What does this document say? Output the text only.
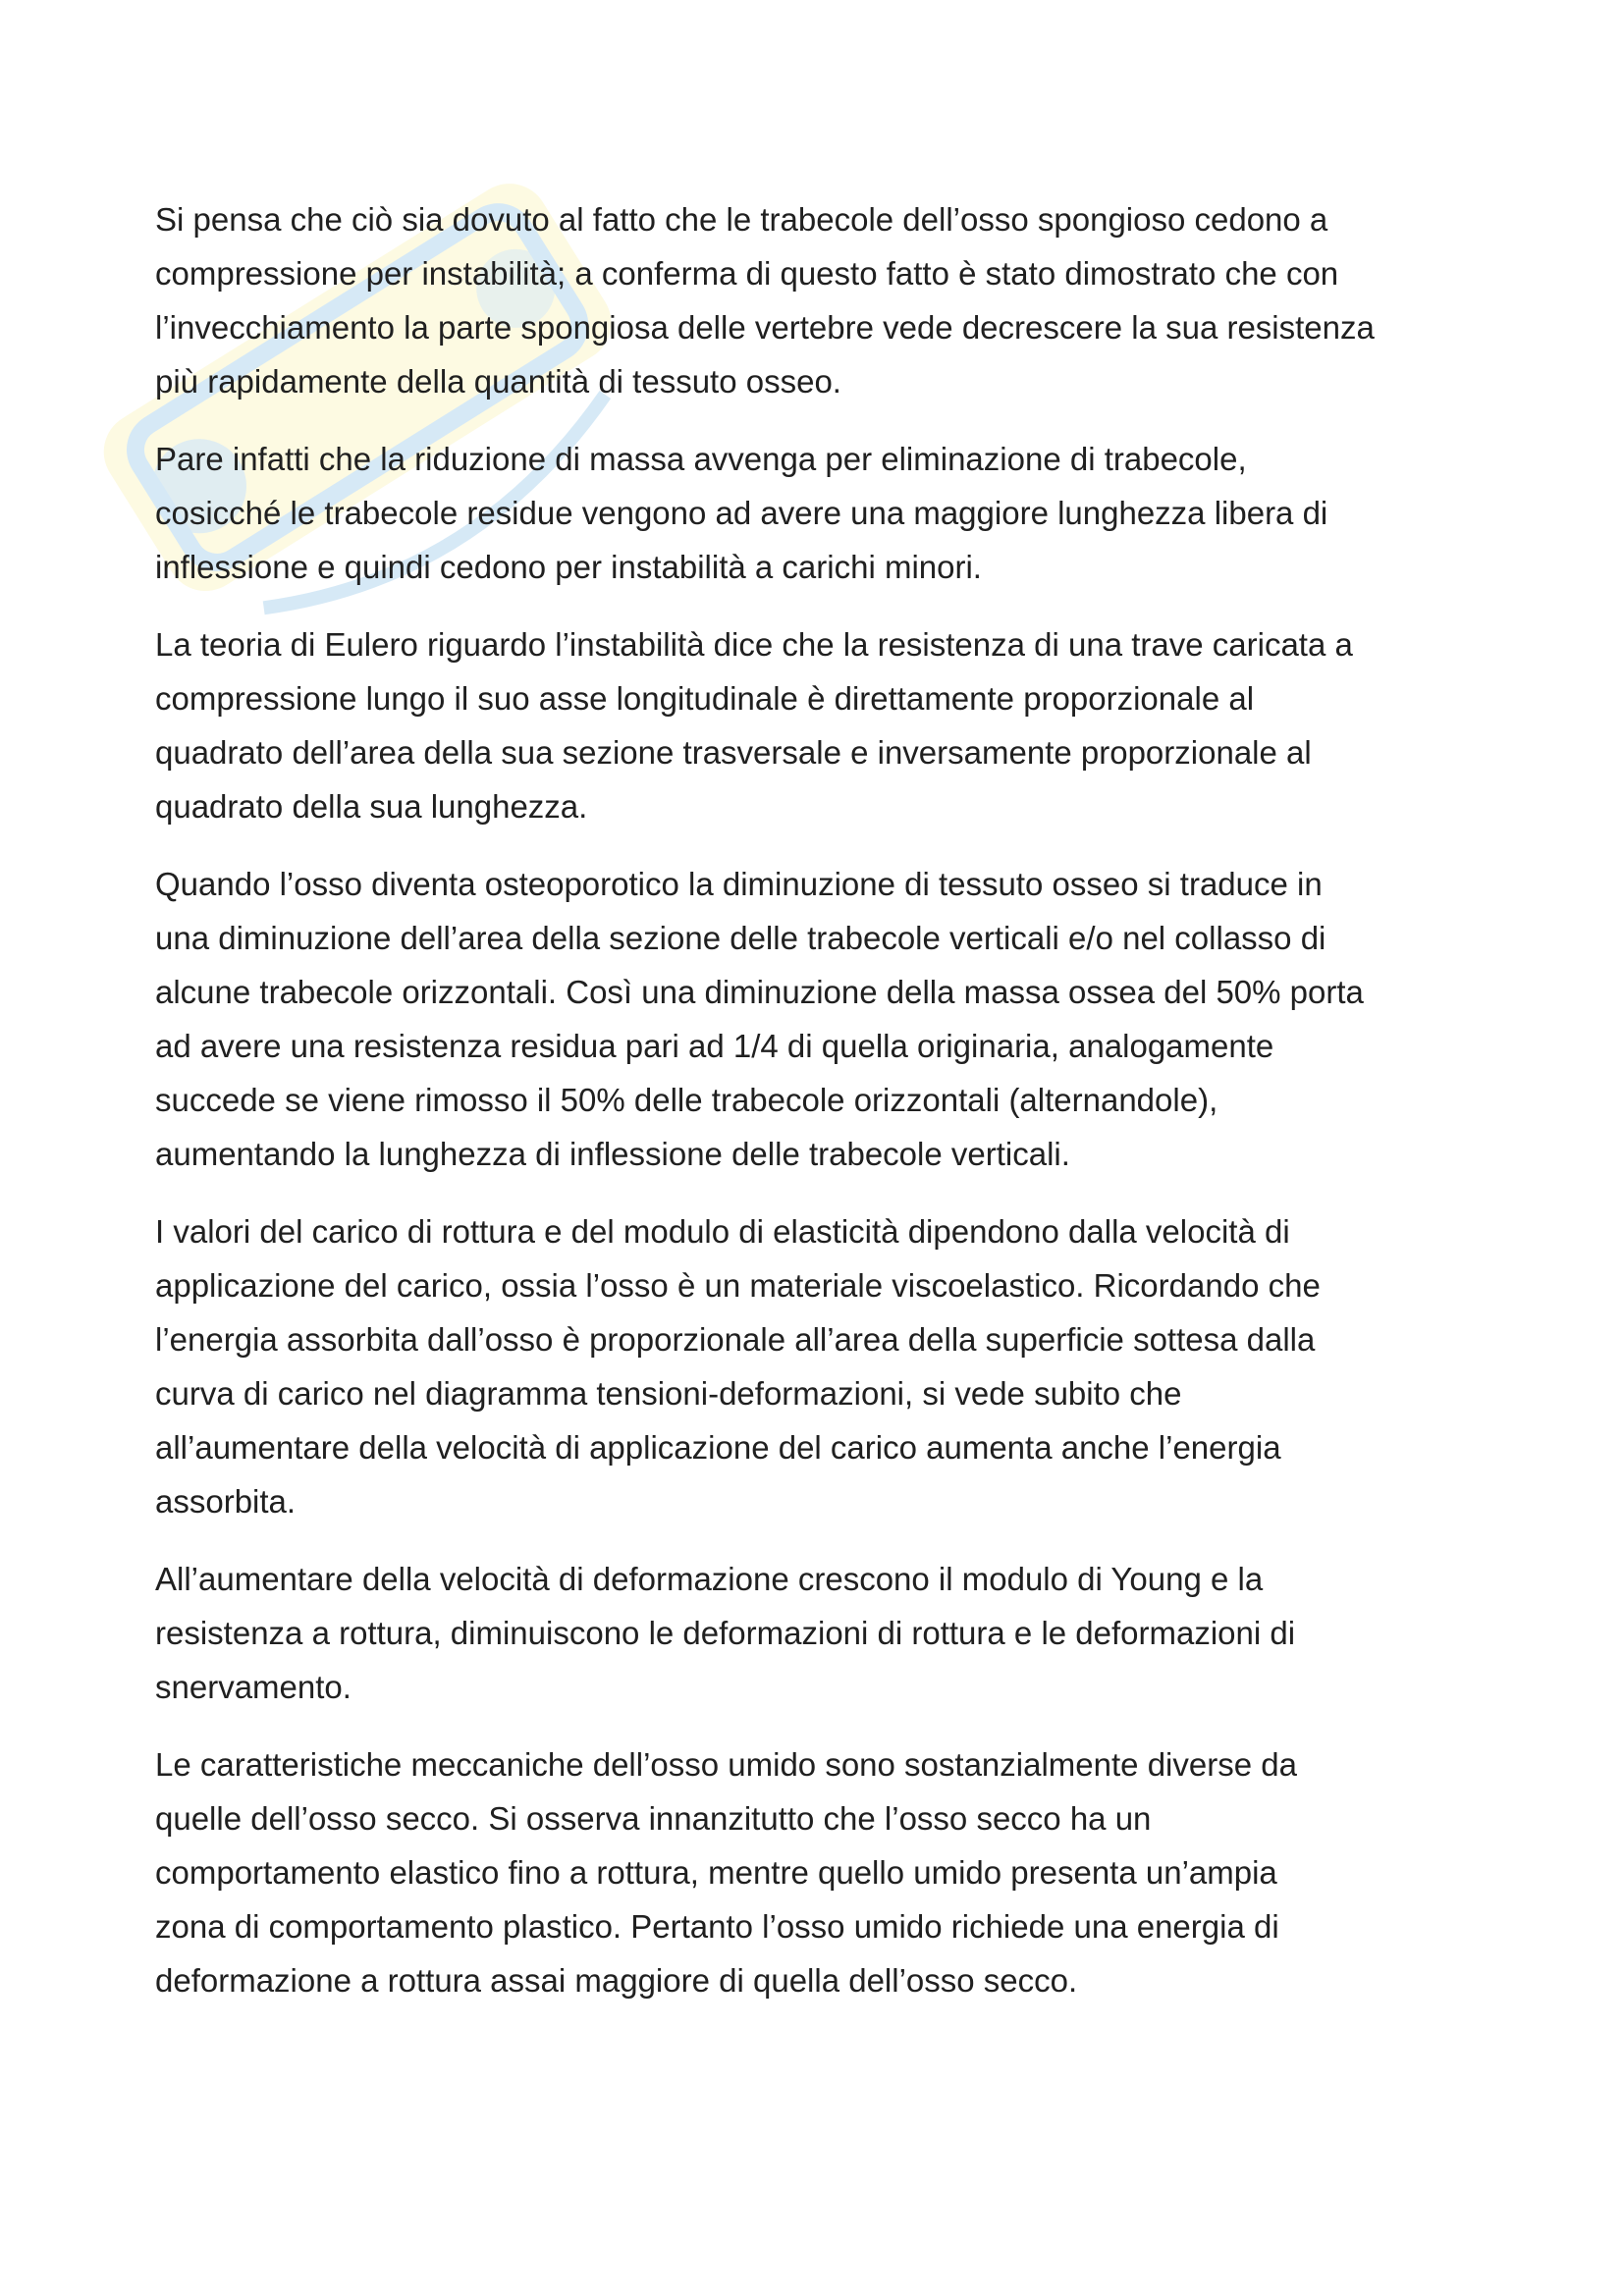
Si pensa che ciò sia dovuto al fatto che le trabecole dell’osso spongioso cedono a
compressione per instabilità; a conferma di questo fatto è stato dimostrato che con
l’invecchiamento la parte spongiosa delle vertebre vede decrescere la sua resistenza
più rapidamente della quantità di tessuto osseo.

Pare infatti che la riduzione di massa avvenga per eliminazione di trabecole,
cosicché le trabecole residue vengono ad avere una maggiore lunghezza libera di
inflessione e quindi cedono per instabilità a carichi minori.

La teoria di Eulero riguardo l’instabilità dice che la resistenza di una trave caricata a
compressione lungo il suo asse longitudinale è direttamente proporzionale al
quadrato dell’area della sua sezione trasversale e inversamente proporzionale al
quadrato della sua lunghezza.

Quando l’osso diventa osteoporotico la diminuzione di tessuto osseo si traduce in
una diminuzione dell’area della sezione delle trabecole verticali e/o nel collasso di
alcune trabecole orizzontali. Così una diminuzione della massa ossea del 50% porta
ad avere una resistenza residua pari ad 1/4 di quella originaria, analogamente
succede se viene rimosso il 50% delle trabecole orizzontali (alternandole),
aumentando la lunghezza di inflessione delle trabecole verticali.

I valori del carico di rottura e del modulo di elasticità dipendono dalla velocità di
applicazione del carico, ossia l’osso è un materiale viscoelastico. Ricordando che
l’energia assorbita dall’osso è proporzionale all’area della superficie sottesa dalla
curva di carico nel diagramma tensioni-deformazioni, si vede subito che
all’aumentare della velocità di applicazione del carico aumenta anche l’energia
assorbita.

All’aumentare della velocità di deformazione crescono il modulo di Young e la
resistenza a rottura, diminuiscono le deformazioni di rottura e le deformazioni di
snervamento.

Le caratteristiche meccaniche dell’osso umido sono sostanzialmente diverse da
quelle dell’osso secco. Si osserva innanzitutto che l’osso secco ha un
comportamento elastico fino a rottura, mentre quello umido presenta un’ampia
zona di comportamento plastico. Pertanto l’osso umido richiede una energia di
deformazione a rottura assai maggiore di quella dell’osso secco.
